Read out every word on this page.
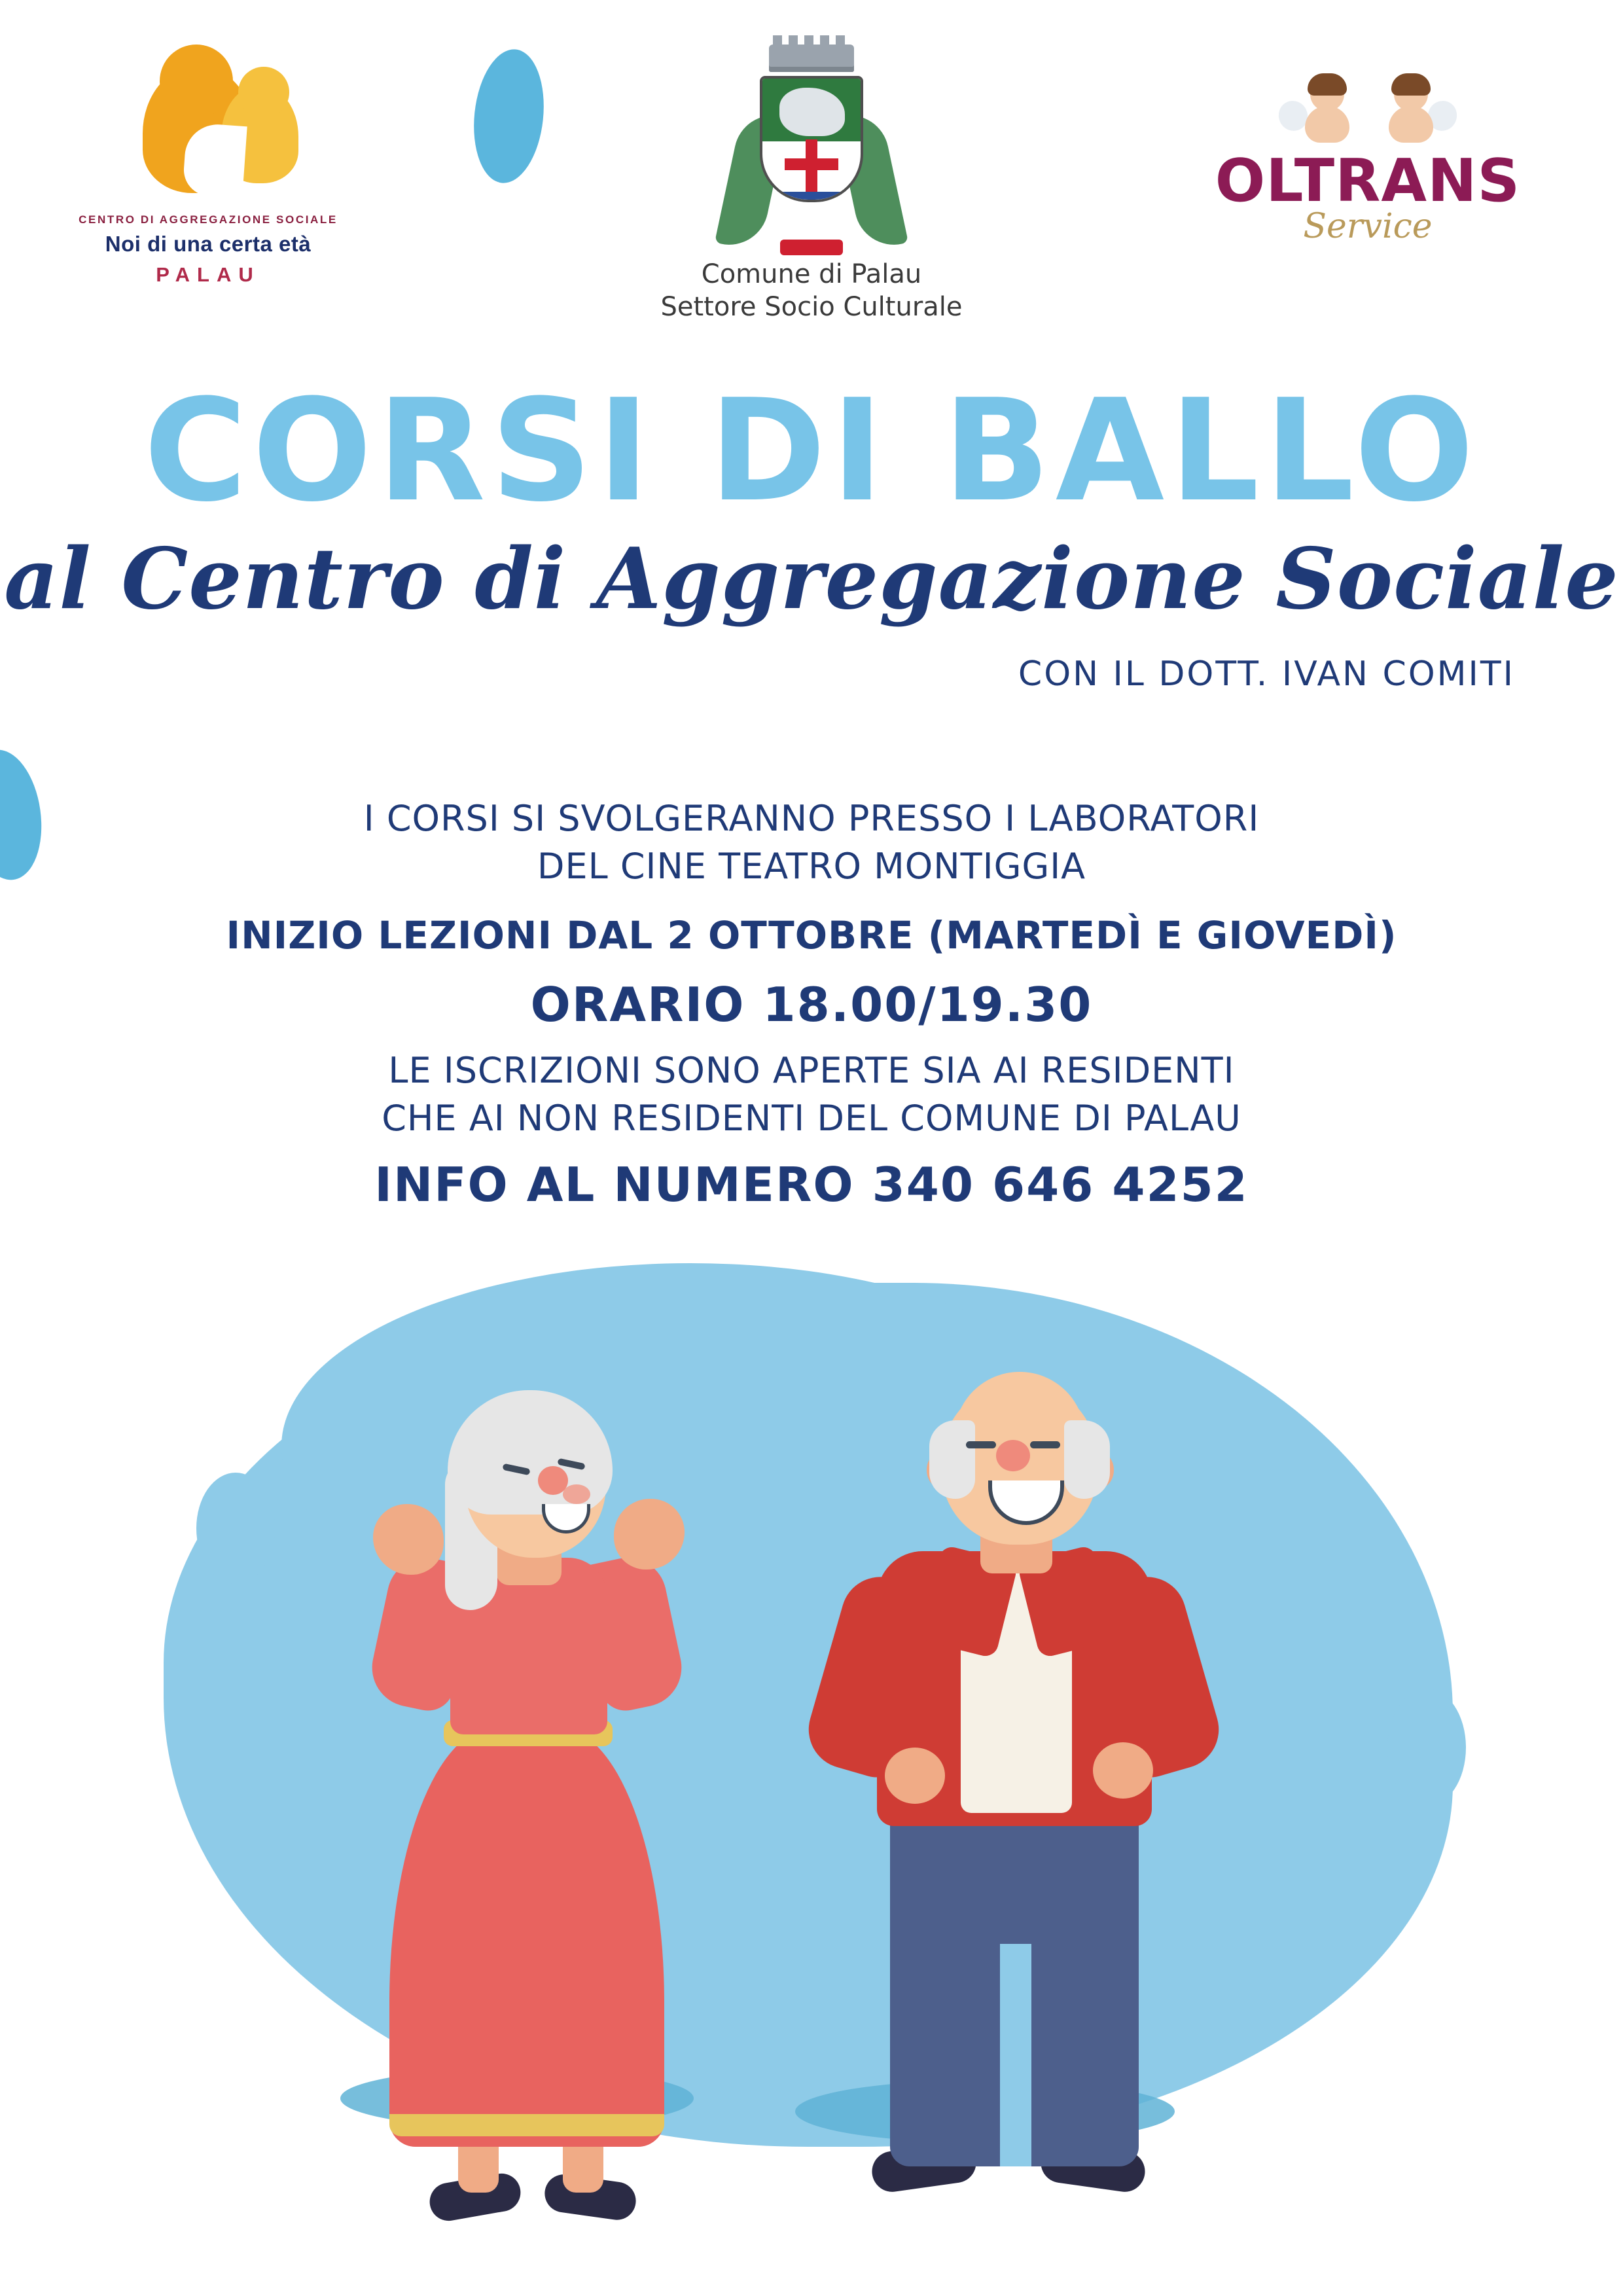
CENTRO DI AGGREGAZIONE SOCIALE
Noi di una certa età
PALAU	Comune di Palau
Settore Socio Culturale
OLTRANS
Service
CORSI DI BALLO
al Centro di Aggregazione Sociale
CON IL DOTT. IVAN COMITI
I CORSI SI SVOLGERANNO PRESSO I LABORATORI
DEL CINE TEATRO MONTIGGIA
INIZIO LEZIONI DAL 2 OTTOBRE (MARTEDÌ E GIOVEDÌ)
ORARIO 18.00/19.30
LE ISCRIZIONI SONO APERTE SIA AI RESIDENTI
CHE AI NON RESIDENTI DEL COMUNE DI PALAU
INFO AL NUMERO 340 646 4252
